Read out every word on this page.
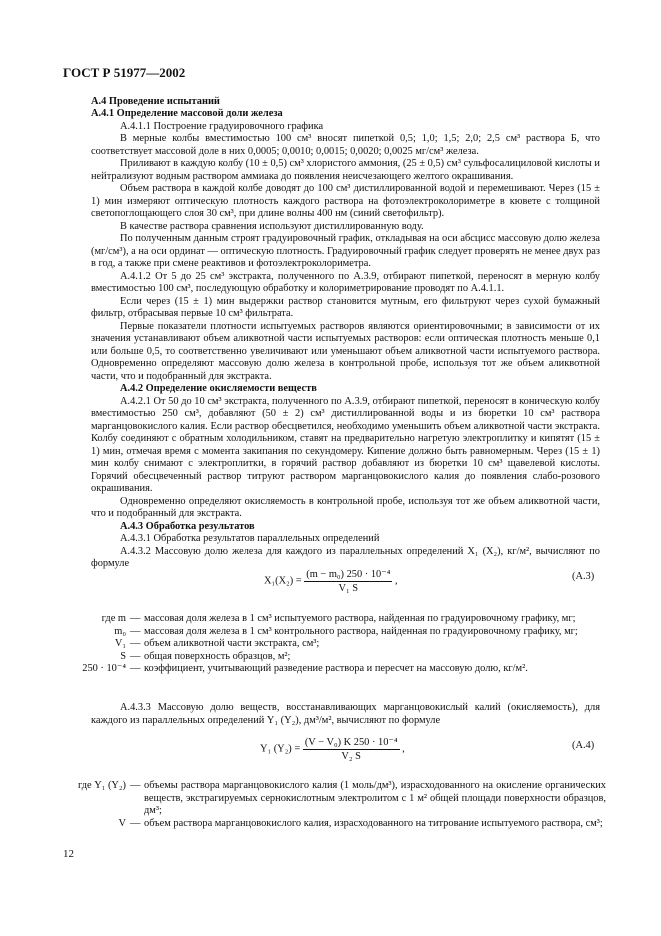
ГОСТ Р 51977—2002
А.4 Проведение испытаний
А.4.1 Определение массовой доли железа
А.4.1.1 Построение градуировочного графика
В мерные колбы вместимостью 100 см³ вносят пипеткой 0,5; 1,0; 1,5; 2,0; 2,5 см³ раствора Б, что соответствует массовой доле в них 0,0005; 0,0010; 0,0015; 0,0020; 0,0025 мг/см³ железа.
Приливают в каждую колбу (10 ± 0,5) см³ хлористого аммония, (25 ± 0,5) см³ сульфосалициловой кислоты и нейтрализуют водным раствором аммиака до появления неисчезающего желтого окрашивания.
Объем раствора в каждой колбе доводят до 100 см³ дистиллированной водой и перемешивают. Через (15 ± 1) мин измеряют оптическую плотность каждого раствора на фотоэлектроколориметре в кювете с толщиной светопоглощающего слоя 30 см³, при длине волны 400 нм (синий светофильтр).
В качестве раствора сравнения используют дистиллированную воду.
По полученным данным строят градуировочный график, откладывая на оси абсцисс массовую долю железа (мг/см³), а на оси ординат — оптическую плотность. Градуировочный график следует проверять не менее двух раз в год, а также при смене реактивов и фотоэлектроколориметра.
А.4.1.2 От 5 до 25 см³ экстракта, полученного по А.3.9, отбирают пипеткой, переносят в мерную колбу вместимостью 100 см³, последующую обработку и колориметрирование проводят по А.4.1.1.
Если через (15 ± 1) мин выдержки раствор становится мутным, его фильтруют через сухой бумажный фильтр, отбрасывая первые 10 см³ фильтрата.
Первые показатели плотности испытуемых растворов являются ориентировочными; в зависимости от их значения устанавливают объем аликвотной части испытуемых растворов: если оптическая плотность меньше 0,1 или больше 0,5, то соответственно увеличивают или уменьшают объем аликвотной части испытуемого раствора. Одновременно определяют массовую долю железа в контрольной пробе, используя тот же объем аликвотной части, что и подобранный для экстракта.
А.4.2 Определение окисляемости веществ
А.4.2.1 От 50 до 10 см³ экстракта, полученного по А.3.9, отбирают пипеткой, переносят в коническую колбу вместимостью 250 см³, добавляют (50 ± 2) см³ дистиллированной воды и из бюретки 10 см³ раствора марганцовокислого калия. Если раствор обесцветился, необходимо уменьшить объем аликвотной части экстракта. Колбу соединяют с обратным холодильником, ставят на предварительно нагретую электроплитку и кипятят (15 ± 1) мин, отмечая время с момента закипания по секундомеру. Кипение должно быть равномерным. Через (15 ± 1) мин колбу снимают с электроплитки, в горячий раствор добавляют из бюретки 10 см³ щавелевой кислоты. Горячий обесцвеченный раствор титруют раствором марганцовокислого калия до появления слабо-розового окрашивания.
Одновременно определяют окисляемость в контрольной пробе, используя тот же объем аликвотной части, что и подобранный для экстракта.
А.4.3 Обработка результатов
А.4.3.1 Обработка результатов параллельных определений
А.4.3.2 Массовую долю железа для каждого из параллельных определений X₁ (X₂), кг/м², вычисляют по формуле
$X_1(X_2) = \frac{\text{(m − m₀) 250 · 10⁻⁴}}{\text{V₁ S}}$ ,	(А.3)
где m — массовая доля железа в 1 см³ испытуемого раствора, найденная по градуировочному графику, мг;
m₀ — массовая доля железа в 1 см³ контрольного раствора, найденная по градуировочному графику, мг;
V₁ — объем аликвотной части экстракта, см³;
S — общая поверхность образцов, м²;
250 · 10⁻⁴ — коэффициент, учитывающий разведение раствора и пересчет на массовую долю, кг/м².
А.4.3.3 Массовую долю веществ, восстанавливающих марганцовокислый калий (окисляемость), для каждого из параллельных определений Y₁ (Y₂), дм³/м², вычисляют по формуле
Y₁ $(Y_2) = \frac{\text{(V − V₀) K 250 · 10⁻⁴}}{\text{V₂ S}}$ ,	(А.4)
где Y₁ (Y₂) — объемы раствора марганцовокислого калия (1 моль/дм³), израсходованного на окисление органических веществ, экстрагируемых сернокислотным электролитом с 1 м² общей площади поверхности образцов, дм³;
V — объем раствора марганцовокислого калия, израсходованного на титрование испытуемого раствора, см³;
12
